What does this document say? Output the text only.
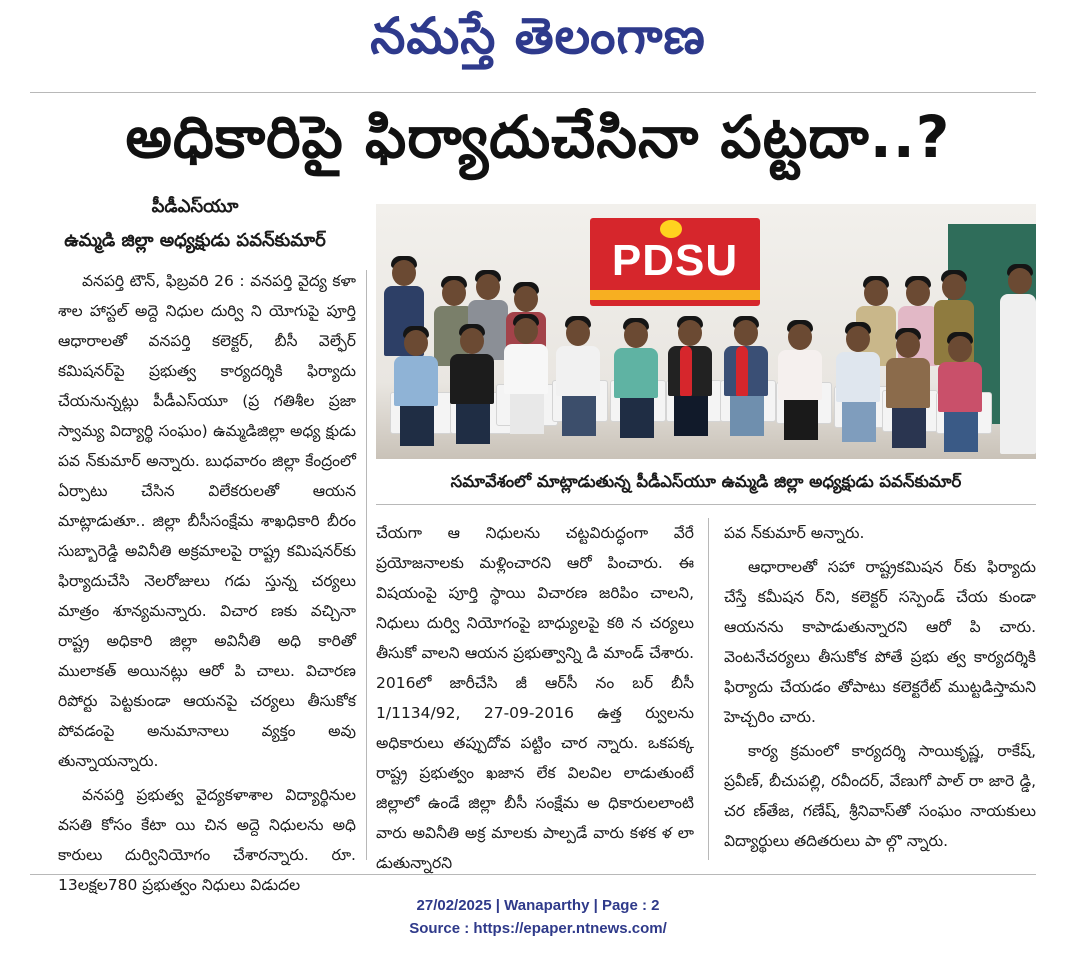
నమస్తే తెలంగాణ
అధికారిపై ఫిర్యాదుచేసినా పట్టదా..?
పీడీఎస్‌యూ
ఉమ్మడి జిల్లా అధ్యక్షుడు పవన్‌కుమార్	PDSU
సమావేశంలో మాట్లాడుతున్న పీడీఎస్‌యూ ఉమ్మడి జిల్లా అధ్యక్షుడు పవన్‌కుమార్

వనపర్తి టౌన్, ఫిబ్రవరి 26 : వనపర్తి వైద్య కళా శాల హాస్టల్ అద్దె నిధుల దుర్వి ని యోగుపై పూర్తి ఆధారాలతో వనపర్తి కలెక్టర్, బీసీ వెల్ఫేర్ కమిషనర్‌పై ప్రభుత్వ కార్యదర్శికి ఫిర్యాదు చేయనున్నట్లు పీడీఎస్‌యూ (ప్ర గతిశీల ప్రజా స్వామ్య విద్యార్థి సంఘం) ఉమ్మడిజిల్లా అధ్య క్షుడు పవ న్‌కుమార్ అన్నారు. బుధవారం జిల్లా కేంద్రంలో ఏర్పాటు చేసిన విలేకరులతో ఆయన మాట్లాడుతూ.. జిల్లా బీసీసంక్షేమ శాఖధికారి బీరం సుబ్బారెడ్డి అవినీతి అక్రమాలపై రాష్ట్ర కమిషనర్‌కు ఫిర్యాదుచేసి నెలరోజులు గడు స్తున్న చర్యలు మాత్రం శూన్యమన్నారు. విచార ణకు వచ్చినా రాష్ట్ర అధికారి జిల్లా అవినీతి అధి కారితో ములాకత్ అయినట్లు ఆరో పి చాలు. విచారణ రిపోర్టు పెట్టకుండా ఆయనపై చర్యలు తీసుకోక పోవడంపై అనుమానాలు వ్యక్తం అవు తున్నాయన్నారు.

వనపర్తి ప్రభుత్వ వైద్యకళాశాల విద్యార్థినుల వసతి కోసం కేటా యి చిన అద్దె నిధులను అధి కారులు దుర్వినియోగం చేశారన్నారు. రూ. 13లక్షల780 ప్రభుత్వం నిధులు విడుదల

చేయగా ఆ నిధులను చట్టవిరుద్ధంగా వేరే ప్రయోజనాలకు మళ్లించారని ఆరో పించారు. ఈ విషయంపై పూర్తి స్థాయి విచారణ జరిపిం చాలని, నిధులు దుర్వి నియోగంపై బాధ్యులపై కఠి న చర్యలు తీసుకో వాలని ఆయన ప్రభుత్వాన్ని డి మాండ్ చేశారు. 2016లో జారీచేసి జీ ఆర్‌సీ నం బర్ బీసీ 1/1134/92, 27-09-2016 ఉత్త ర్వులను అధికారులు తప్పుదోవ పట్టిం చార న్నారు. ఒకపక్క రాష్ట్ర ప్రభుత్వం ఖజాన లేక విలవిల లాడుతుంటే జిల్లాలో ఉండే జిల్లా బీసీ సంక్షేమ అ ధికారులలాంటి వారు అవినీతి అక్ర మాలకు పాల్పడే వారు కళక ళ లా డుతున్నారని

పవ న్‌కుమార్ అన్నారు.

ఆధారాలతో సహా రాష్ట్రకమిషన ర్‌కు ఫిర్యాదు చేస్తే కమీషన ర్‌ని, కలెక్టర్ సస్పెండ్ చేయ కుండా ఆయనను కాపాడుతున్నారని ఆరో పి చారు. వెంటనేచర్యలు తీసుకోక పోతే ప్రభు త్వ కార్యదర్శికి ఫిర్యాదు చేయడం తోపాటు కలెక్టరేట్ ముట్టడిస్తామని హెచ్చరిం చారు.

కార్య క్రమంలో కార్యదర్శి సాయికృష్ణ, రాకేష్, ప్రవీణ్, బీచుపల్లి, రవీందర్, వేణుగో పాల్ రా జారె డ్డి, చర ణ్‌తేజ, గణేష్, శ్రీనివాస్‌తో సంఘం నాయకులు విద్యార్థులు తదితరులు పా ల్గొ న్నారు.

27/02/2025 | Wanaparthy | Page : 2
Source : https://epaper.ntnews.com/
